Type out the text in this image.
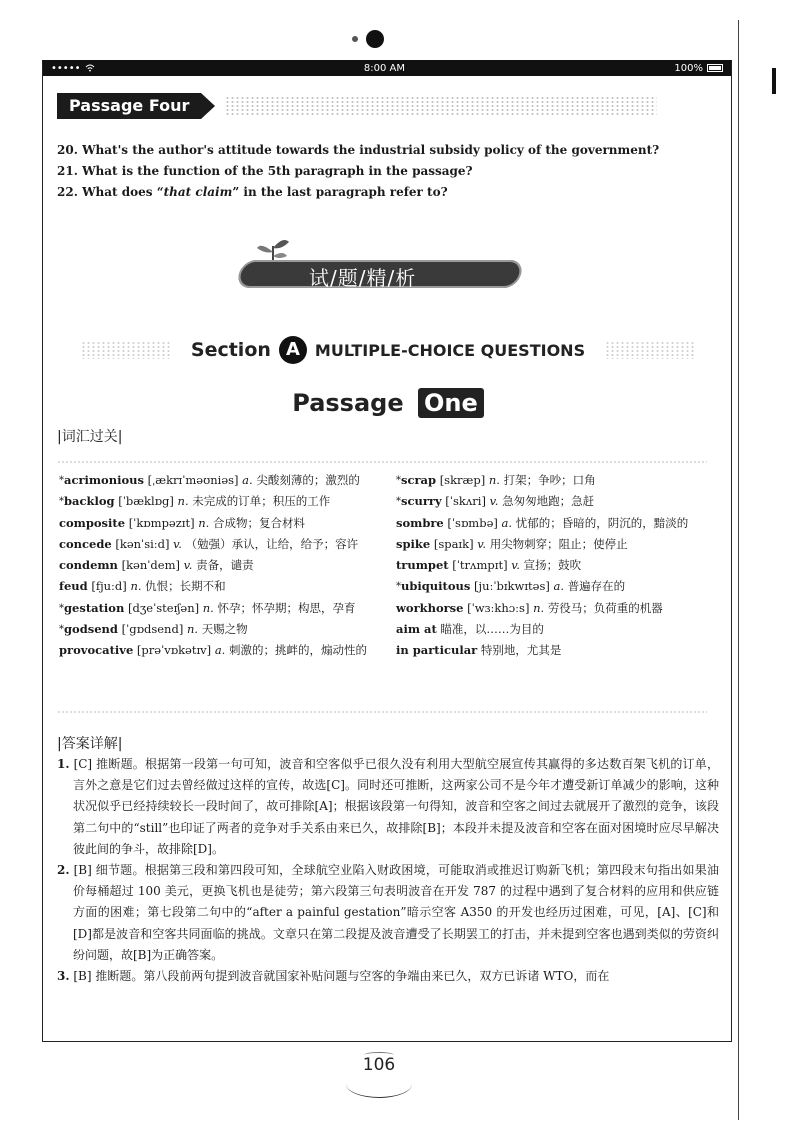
•••••	8:00 AM	100%
Passage Four
20. What's the author's attitude towards the industrial subsidy policy of the government?
21. What is the function of the 5th paragraph in the passage?
22. What does “that claim” in the last paragraph refer to?
试/题/精/析
Section A MULTIPLE-CHOICE QUESTIONS
Passage One
|词汇过关|
*acrimonious [ˌækrɪˈməʊniəs] a. 尖酸刻薄的；激烈的
*backlog [ˈbæklɒg] n. 未完成的订单；积压的工作
composite [ˈkɒmpəzɪt] n. 合成物；复合材料
concede [kənˈsiːd] v. （勉强）承认，让给，给予；容许
condemn [kənˈdem] v. 责备，谴责
feud [fjuːd] n. 仇恨；长期不和
*gestation [dʒeˈsteɪʃən] n. 怀孕；怀孕期；构思，孕育
*godsend [ˈgɒdsend] n. 天赐之物
provocative [prəˈvɒkətɪv] a. 刺激的；挑衅的，煽动性的
*scrap [skræp] n. 打架；争吵；口角
*scurry [ˈskʌri] v. 急匆匆地跑；急赶
sombre [ˈsɒmbə] a. 忧郁的；昏暗的，阴沉的，黯淡的
spike [spaɪk] v. 用尖物刺穿；阻止；使停止
trumpet [ˈtrʌmpɪt] v. 宣扬；鼓吹
*ubiquitous [juːˈbɪkwɪtəs] a. 普遍存在的
workhorse [ˈwɜːkhɔːs] n. 劳役马；负荷重的机器
aim at 瞄准，以……为目的
in particular 特别地，尤其是
|答案详解|
1. [C] 推断题。根据第一段第一句可知，波音和空客似乎已很久没有利用大型航空展宣传其赢得的多达数百架飞机的订单，言外之意是它们过去曾经做过这样的宣传，故选[C]。同时还可推断，这两家公司不是今年才遭受新订单减少的影响，这种状况似乎已经持续较长一段时间了，故可排除[A]；根据该段第一句得知，波音和空客之间过去就展开了激烈的竞争，该段第二句中的“still”也印证了两者的竞争对手关系由来已久，故排除[B]；本段并未提及波音和空客在面对困境时应尽早解决彼此间的争斗，故排除[D]。
2. [B] 细节题。根据第三段和第四段可知，全球航空业陷入财政困境，可能取消或推迟订购新飞机；第四段末句指出如果油价每桶超过 100 美元，更换飞机也是徒劳；第六段第三句表明波音在开发 787 的过程中遇到了复合材料的应用和供应链方面的困难；第七段第二句中的“after a painful gestation”暗示空客 A350 的开发也经历过困难，可见，[A]、[C]和[D]都是波音和空客共同面临的挑战。文章只在第二段提及波音遭受了长期罢工的打击，并未提到空客也遇到类似的劳资纠纷问题，故[B]为正确答案。
3. [B] 推断题。第八段前两句提到波音就国家补贴问题与空客的争端由来已久，双方已诉诸 WTO，而在
106
